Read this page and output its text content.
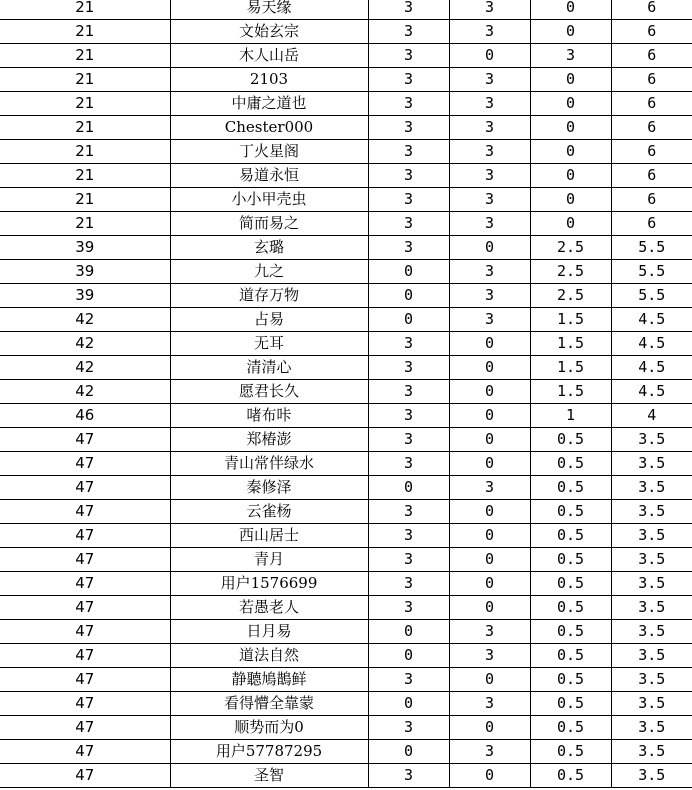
21	易天缘	3	3	0	6
21	文始玄宗	3	3	0	6
21	木人山岳	3	0	3	6
21	2103	3	3	0	6
21	中庸之道也	3	3	0	6
21	Chester000	3	3	0	6
21	丁火星阁	3	3	0	6
21	易道永恒	3	3	0	6
21	小小甲壳虫	3	3	0	6
21	简而易之	3	3	0	6
39	玄璐	3	0	2.5	5.5
39	九之	0	3	2.5	5.5
39	道存万物	0	3	2.5	5.5
42	占易	0	3	1.5	4.5
42	无耳	3	0	1.5	4.5
42	清清心	3	0	1.5	4.5
42	愿君长久	3	0	1.5	4.5
46	啫布咔	3	0	1	4
47	郑椿澎	3	0	0.5	3.5
47	青山常伴绿水	3	0	0.5	3.5
47	秦修泽	0	3	0.5	3.5
47	云雀杨	3	0	0.5	3.5
47	西山居士	3	0	0.5	3.5
47	青月	3	0	0.5	3.5
47	用户1576699	3	0	0.5	3.5
47	若愚老人	3	0	0.5	3.5
47	日月易	0	3	0.5	3.5
47	道法自然	0	3	0.5	3.5
47	静聽鳩鵲鲜	3	0	0.5	3.5
47	看得懵全靠蒙	0	3	0.5	3.5
47	顺势而为0	3	0	0.5	3.5
47	用户57787295	0	3	0.5	3.5
47	圣智	3	0	0.5	3.5
